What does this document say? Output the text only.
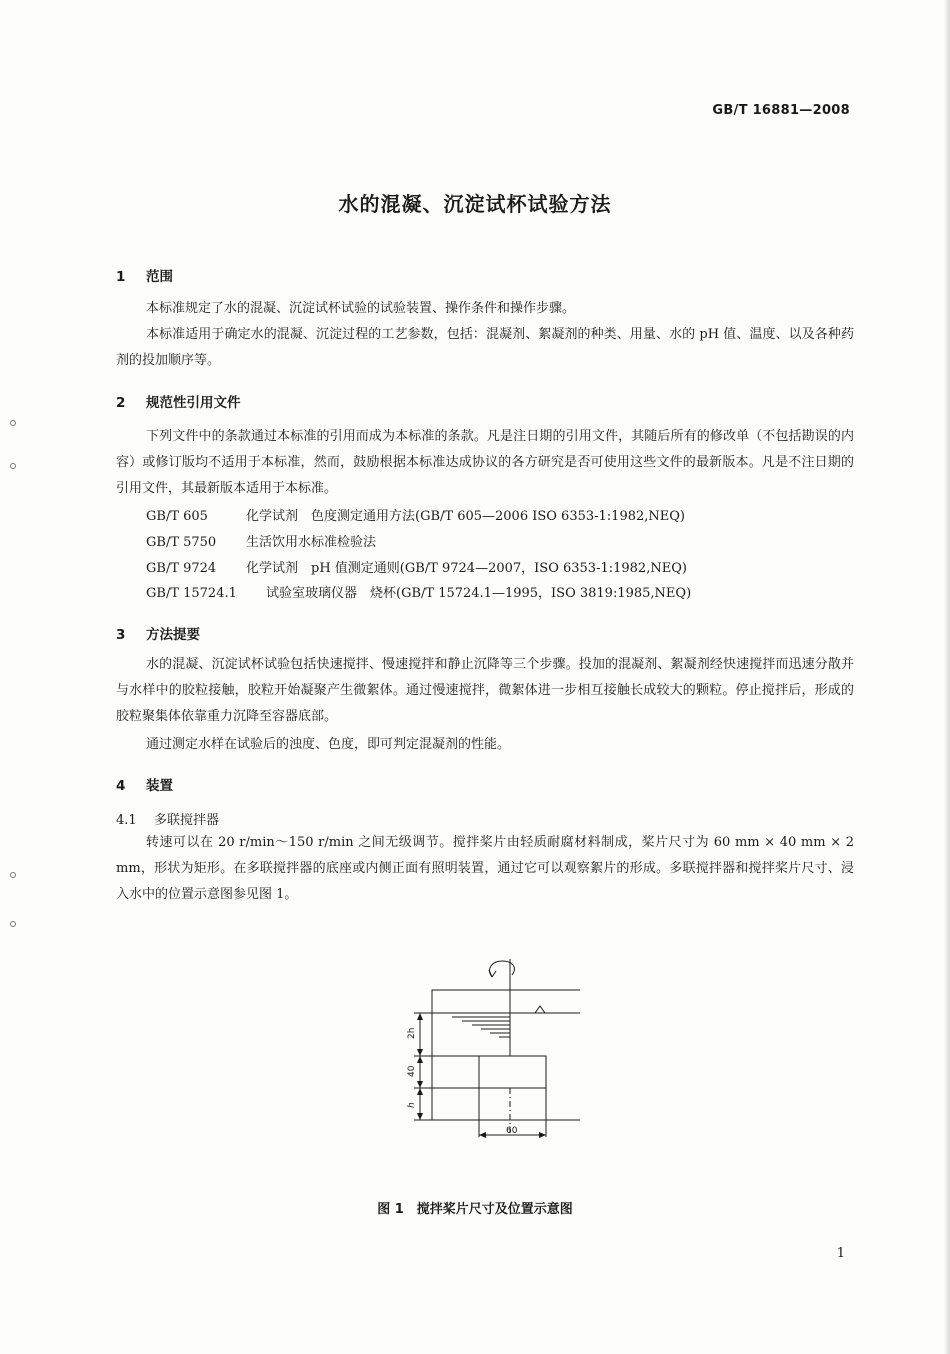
GB/T 16881—2008
水的混凝、沉淀试杯试验方法
1 范围
本标准规定了水的混凝、沉淀试杯试验的试验装置、操作条件和操作步骤。
本标准适用于确定水的混凝、沉淀过程的工艺参数，包括：混凝剂、絮凝剂的种类、用量、水的 pH 值、温度、以及各种药剂的投加顺序等。
2 规范性引用文件
下列文件中的条款通过本标准的引用而成为本标准的条款。凡是注日期的引用文件，其随后所有的修改单（不包括勘误的内容）或修订版均不适用于本标准，然而，鼓励根据本标准达成协议的各方研究是否可使用这些文件的最新版本。凡是不注日期的引用文件，其最新版本适用于本标准。
GB/T 605	化学试剂　色度测定通用方法(GB/T 605—2006 ISO 6353-1:1982,NEQ)
GB/T 5750 生活饮用水标准检验法
GB/T 9724 化学试剂　pH 值测定通则(GB/T 9724—2007，ISO 6353-1:1982,NEQ)
GB/T 15724.1 试验室玻璃仪器　烧杯(GB/T 15724.1—1995，ISO 3819:1985,NEQ)
3 方法提要
水的混凝、沉淀试杯试验包括快速搅拌、慢速搅拌和静止沉降等三个步骤。投加的混凝剂、絮凝剂经快速搅拌而迅速分散并与水样中的胶粒接触，胶粒开始凝聚产生微絮体。通过慢速搅拌，微絮体进一步相互接触长成较大的颗粒。停止搅拌后，形成的胶粒聚集体依靠重力沉降至容器底部。
通过测定水样在试验后的浊度、色度，即可判定混凝剂的性能。
4 装置
4.1 多联搅拌器
转速可以在 20 r/min～150 r/min 之间无级调节。搅拌桨片由轻质耐腐材料制成，桨片尺寸为 60 mm × 40 mm × 2 mm，形状为矩形。在多联搅拌器的底座或内侧正面有照明装置，通过它可以观察絮片的形成。多联搅拌器和搅拌桨片尺寸、浸入水中的位置示意图参见图 1。
2h
40
h
60
图 1　搅拌桨片尺寸及位置示意图
1
